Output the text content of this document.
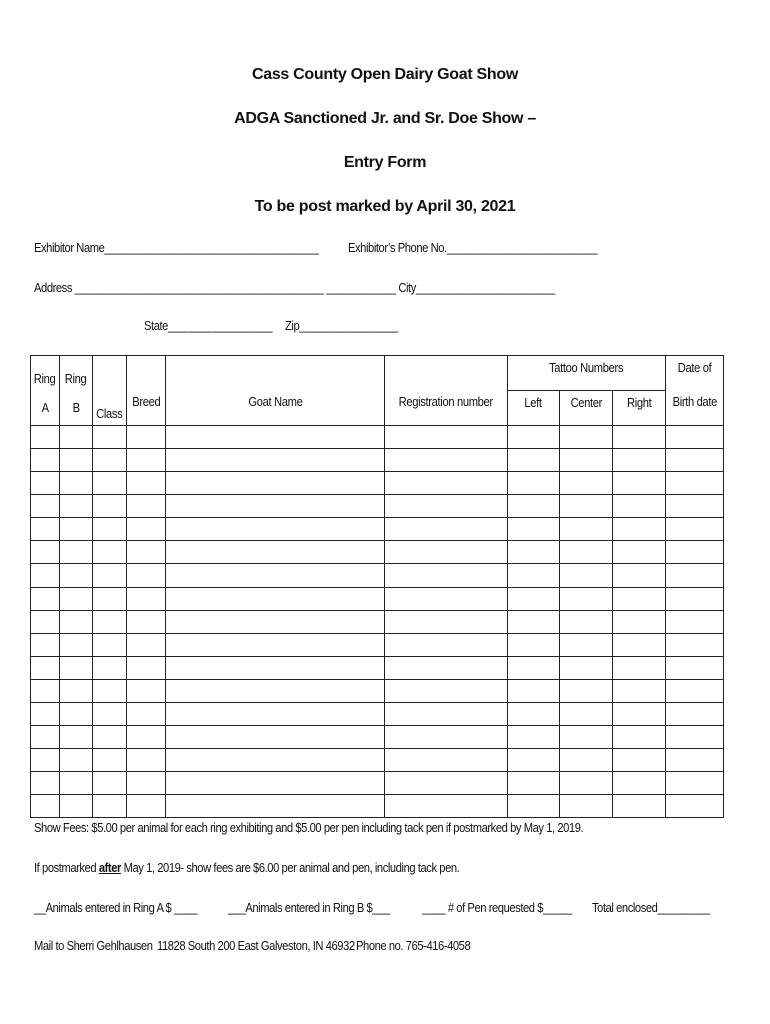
Cass County Open Dairy Goat Show
ADGA Sanctioned Jr. and Sr. Doe Show –
Entry Form
To be post marked by April 30, 2021
Exhibitor Name_____________________________________	Exhibitor’s Phone No.__________________________
Address ___________________________________________ ____________ City________________________
State__________________ Zip_________________
Ring	Ring					Tattoo Numbers			Date of
A	B	Class	Breed	Goat Name	Registration number	Left	Center	Right	Birth date

Show Fees: $5.00 per animal for each ring exhibiting and $5.00 per pen including tack pen if postmarked by May 1, 2019.
If postmarked after May 1, 2019- show fees are $6.00 per animal and pen, including tack pen.
__Animals entered in Ring A $ ____	___Animals entered in Ring B $___	____ # of Pen requested $_____	Total enclosed_________
Mail to Sherri Gehlhausen 11828 South 200 East Galveston, IN 46932 Phone no. 765-416-4058
